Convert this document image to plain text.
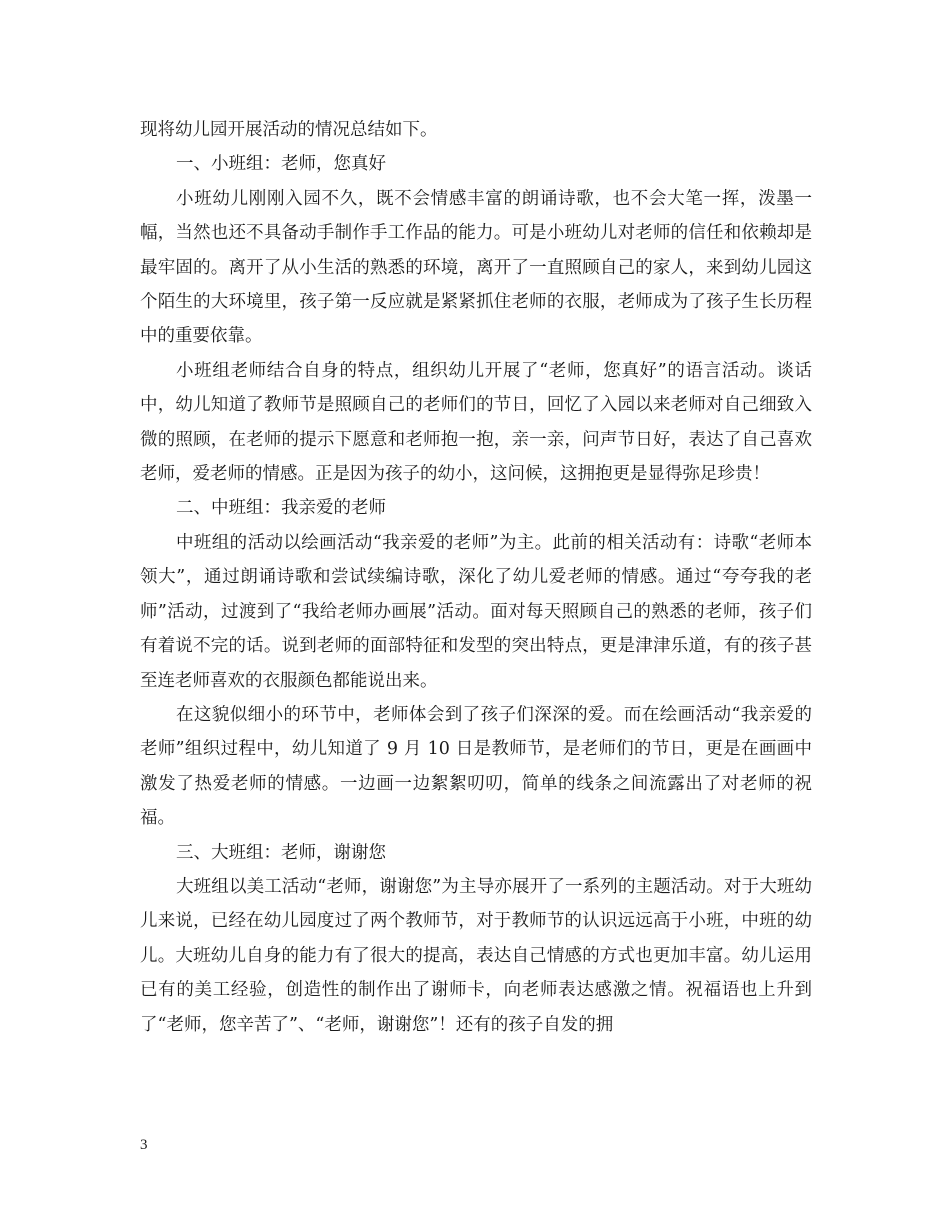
现将幼儿园开展活动的情况总结如下。

一、小班组：老师，您真好

小班幼儿刚刚入园不久，既不会情感丰富的朗诵诗歌，也不会大笔一挥，泼墨一幅，当然也还不具备动手制作手工作品的能力。可是小班幼儿对老师的信任和依赖却是最牢固的。离开了从小生活的熟悉的环境，离开了一直照顾自己的家人，来到幼儿园这个陌生的大环境里，孩子第一反应就是紧紧抓住老师的衣服，老师成为了孩子生长历程中的重要依靠。

小班组老师结合自身的特点，组织幼儿开展了“老师，您真好”的语言活动。谈话中，幼儿知道了教师节是照顾自己的老师们的节日，回忆了入园以来老师对自己细致入微的照顾，在老师的提示下愿意和老师抱一抱，亲一亲，问声节日好，表达了自己喜欢老师，爱老师的情感。正是因为孩子的幼小，这问候，这拥抱更是显得弥足珍贵！

二、中班组：我亲爱的老师

中班组的活动以绘画活动“我亲爱的老师”为主。此前的相关活动有：诗歌“老师本领大”，通过朗诵诗歌和尝试续编诗歌，深化了幼儿爱老师的情感。通过“夸夸我的老师”活动，过渡到了“我给老师办画展”活动。面对每天照顾自己的熟悉的老师，孩子们有着说不完的话。说到老师的面部特征和发型的突出特点，更是津津乐道，有的孩子甚至连老师喜欢的衣服颜色都能说出来。

在这貌似细小的环节中，老师体会到了孩子们深深的爱。而在绘画活动“我亲爱的老师”组织过程中，幼儿知道了 9 月 10 日是教师节，是老师们的节日，更是在画画中激发了热爱老师的情感。一边画一边絮絮叨叨，简单的线条之间流露出了对老师的祝福。

三、大班组：老师，谢谢您

大班组以美工活动“老师，谢谢您”为主导亦展开了一系列的主题活动。对于大班幼儿来说，已经在幼儿园度过了两个教师节，对于教师节的认识远远高于小班，中班的幼儿。大班幼儿自身的能力有了很大的提高，表达自己情感的方式也更加丰富。幼儿运用已有的美工经验，创造性的制作出了谢师卡，向老师表达感激之情。祝福语也上升到了“老师，您辛苦了”、“老师，谢谢您”！还有的孩子自发的拥

3
